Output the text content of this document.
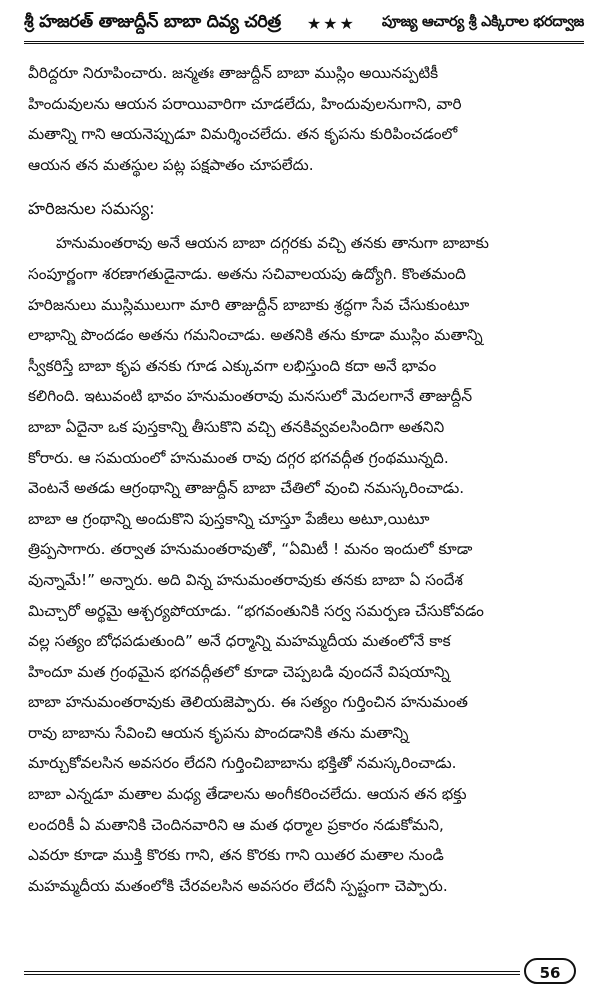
శ్రీ హజరత్ తాజుద్దీన్ బాబా దివ్య చరిత్ర ★★★ పూజ్య ఆచార్య శ్రీ ఎక్కిరాల భరద్వాజ
వీరిద్దరూ నిరూపించారు. జన్మతః తాజుద్దీన్ బాబా ముస్లిం అయినప్పటికీ
హిందువులను ఆయన పరాయివారిగా చూడలేదు, హిందువులనుగాని, వారి
మతాన్ని గాని ఆయనెప్పుడూ విమర్శించలేదు. తన కృపను కురిపించడంలో
ఆయన తన మతస్థుల పట్ల పక్షపాతం చూపలేదు.
హరిజనుల సమస్య:
హనుమంతరావు అనే ఆయన బాబా దగ్గరకు వచ్చి తనకు తానుగా బాబాకు
సంపూర్ణంగా శరణాగతుడైనాడు. అతను సచివాలయపు ఉద్యోగి. కొంతమంది
హరిజనులు ముస్లిములుగా మారి తాజుద్దీన్ బాబాకు శ్రద్ధగా సేవ చేసుకుంటూ
లాభాన్ని పొందడం అతను గమనించాడు. అతనికి తను కూడా ముస్లిం మతాన్ని
స్వీకరిస్తే బాబా కృప తనకు గూడ ఎక్కువగా లభిస్తుంది కదా అనే భావం
కలిగింది. ఇటువంటి భావం హనుమంతరావు మనసులో మెదలగానే తాజుద్దీన్
బాబా ఏదైనా ఒక పుస్తకాన్ని తీసుకొని వచ్చి తనకివ్వవలసిందిగా అతనిని
కోరారు. ఆ సమయంలో హనుమంత రావు దగ్గర భగవద్గీత గ్రంథమున్నది.
వెంటనే అతడు ఆగ్రంథాన్ని తాజుద్దీన్ బాబా చేతిలో వుంచి నమస్కరించాడు.
బాబా ఆ గ్రంథాన్ని అందుకొని పుస్తకాన్ని చూస్తూ పేజీలు అటూ,యిటూ
త్రిప్పసాగారు. తర్వాత హనుమంతరావుతో, “ఏమిటీ ! మనం ఇందులో కూడా
వున్నామే!” అన్నారు. అది విన్న హనుమంతరావుకు తనకు బాబా ఏ సందేశ
మిచ్చారో అర్థమై ఆశ్చర్యపోయాడు. “భగవంతునికి సర్వ సమర్పణ చేసుకోవడం
వల్ల సత్యం బోధపడుతుంది” అనే ధర్మాన్ని మహమ్మదీయ మతంలోనే కాక
హిందూ మత గ్రంథమైన భగవద్గీతలో కూడా చెప్పబడి వుందనే విషయాన్ని
బాబా హనుమంతరావుకు తెలియజెప్పారు. ఈ సత్యం గుర్తించిన హనుమంత
రావు బాబాను సేవించి ఆయన కృపను పొందడానికి తను మతాన్ని
మార్చుకోవలసిన అవసరం లేదని గుర్తించిబాబాను భక్తితో నమస్కరించాడు.
బాబా ఎన్నడూ మతాల మధ్య తేడాలను అంగీకరించలేదు. ఆయన తన భక్తు
లందరికీ ఏ మతానికి చెందినవారిని ఆ మత ధర్మాల ప్రకారం నడుకోమని,
ఎవరూ కూడా ముక్తి కొరకు గాని, తన కొరకు గాని యితర మతాల నుండి
మహమ్మదీయ మతంలోకి చేరవలసిన అవసరం లేదనీ స్పష్టంగా చెప్పారు.
56
